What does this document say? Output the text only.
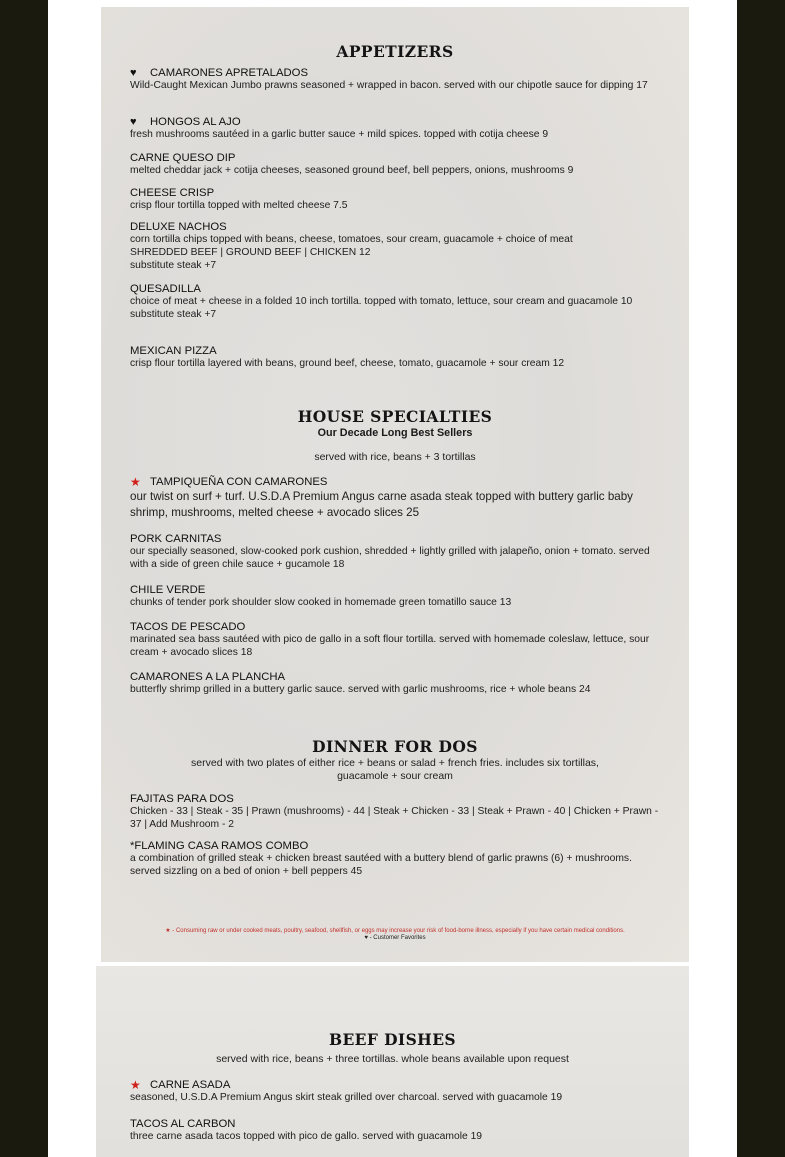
APPETIZERS
♥	CAMARONES APRETALADOS
Wild-Caught Mexican Jumbo prawns seasoned + wrapped in bacon. served with our chipotle sauce for dipping 17
♥	HONGOS AL AJO
fresh mushrooms sautéed in a garlic butter sauce + mild spices. topped with cotija cheese 9
CARNE QUESO DIP
melted cheddar jack + cotija cheeses, seasoned ground beef, bell peppers, onions, mushrooms 9
CHEESE CRISP
crisp flour tortilla topped with melted cheese 7.5
DELUXE NACHOS
corn tortilla chips topped with beans, cheese, tomatoes, sour cream, guacamole + choice of meat
SHREDDED BEEF | GROUND BEEF | CHICKEN 12
substitute steak +7
QUESADILLA
choice of meat + cheese in a folded 10 inch tortilla. topped with tomato, lettuce, sour cream and guacamole 10
substitute steak +7
MEXICAN PIZZA
crisp flour tortilla layered with beans, ground beef, cheese, tomato, guacamole + sour cream 12
HOUSE SPECIALTIES
Our Decade Long Best Sellers
served with rice, beans + 3 tortillas
★ TAMPIQUEÑA CON CAMARONES
our twist on surf + turf. U.S.D.A Premium Angus carne asada steak topped with buttery garlic baby shrimp, mushrooms, melted cheese + avocado slices 25
PORK CARNITAS
our specially seasoned, slow-cooked pork cushion, shredded + lightly grilled with jalapeño, onion + tomato. served with a side of green chile sauce + gucamole 18
CHILE VERDE
chunks of tender pork shoulder slow cooked in homemade green tomatillo sauce 13
TACOS DE PESCADO
marinated sea bass sautéed with pico de gallo in a soft flour tortilla. served with homemade coleslaw, lettuce, sour cream + avocado slices 18
CAMARONES A LA PLANCHA
butterfly shrimp grilled in a buttery garlic sauce. served with garlic mushrooms, rice + whole beans 24
DINNER FOR DOS
served with two plates of either rice + beans or salad + french fries. includes six tortillas, guacamole + sour cream
FAJITAS PARA DOS
Chicken - 33 | Steak - 35 | Prawn (mushrooms) - 44 | Steak + Chicken - 33 | Steak + Prawn - 40 | Chicken + Prawn - 37 | Add Mushroom - 2
*FLAMING CASA RAMOS COMBO
a combination of grilled steak + chicken breast sautéed with a buttery blend of garlic prawns (6) + mushrooms. served sizzling on a bed of onion + bell peppers 45
★ - Consuming raw or under cooked meats, poultry, seafood, shellfish, or eggs may increase your risk of food-borne illness, especially if you have certain medical conditions.
♥ - Customer Favorites
BEEF DISHES
served with rice, beans + three tortillas. whole beans available upon request
★ CARNE ASADA
seasoned, U.S.D.A Premium Angus skirt steak grilled over charcoal. served with guacamole 19
TACOS AL CARBON
three carne asada tacos topped with pico de gallo. served with guacamole 19
